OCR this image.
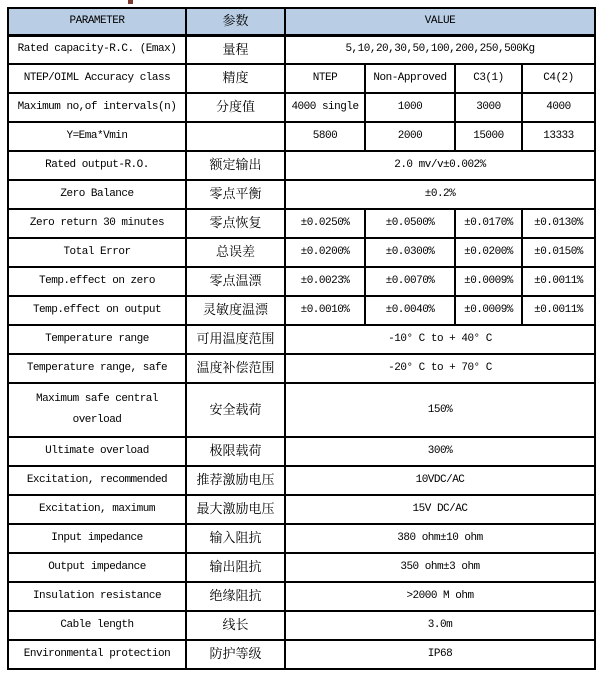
PARAMETER	参数	VALUE			
Rated capacity-R.C. (Emax)	量程	5,10,20,30,50,100,200,250,500Kg			
NTEP/OIML Accuracy class	精度	NTEP	Non-Approved	C3(1)	C4(2)
Maximum no,of intervals(n)	分度值	4000 single	1000	3000	4000
Y=Ema*Vmin		5800	2000	15000	13333
Rated output-R.O.	额定输出	2.0 mv/v±0.002%			
Zero Balance	零点平衡	±0.2%			
Zero return 30 minutes	零点恢复	±0.0250%	±0.0500%	±0.0170%	±0.0130%
Total Error	总误差	±0.0200%	±0.0300%	±0.0200%	±0.0150%
Temp.effect on zero	零点温漂	±0.0023%	±0.0070%	±0.0009%	±0.0011%
Temp.effect on output	灵敏度温漂	±0.0010%	±0.0040%	±0.0009%	±0.0011%
Temperature range	可用温度范围	-10° C to + 40° C			
Temperature range, safe	温度补偿范围	-20° C to + 70° C			
Maximum safe central overload	安全载荷	150%			
Ultimate overload	极限载荷	300%			
Excitation, recommended	推荐激励电压	10VDC/AC			
Excitation, maximum	最大激励电压	15V DC/AC			
Input impedance	输入阻抗	380 ohm±10 ohm			
Output impedance	输出阻抗	350 ohm±3 ohm			
Insulation resistance	绝缘阻抗	>2000 M ohm			
Cable length	线长	3.0m			
Environmental protection	防护等级	IP68			
